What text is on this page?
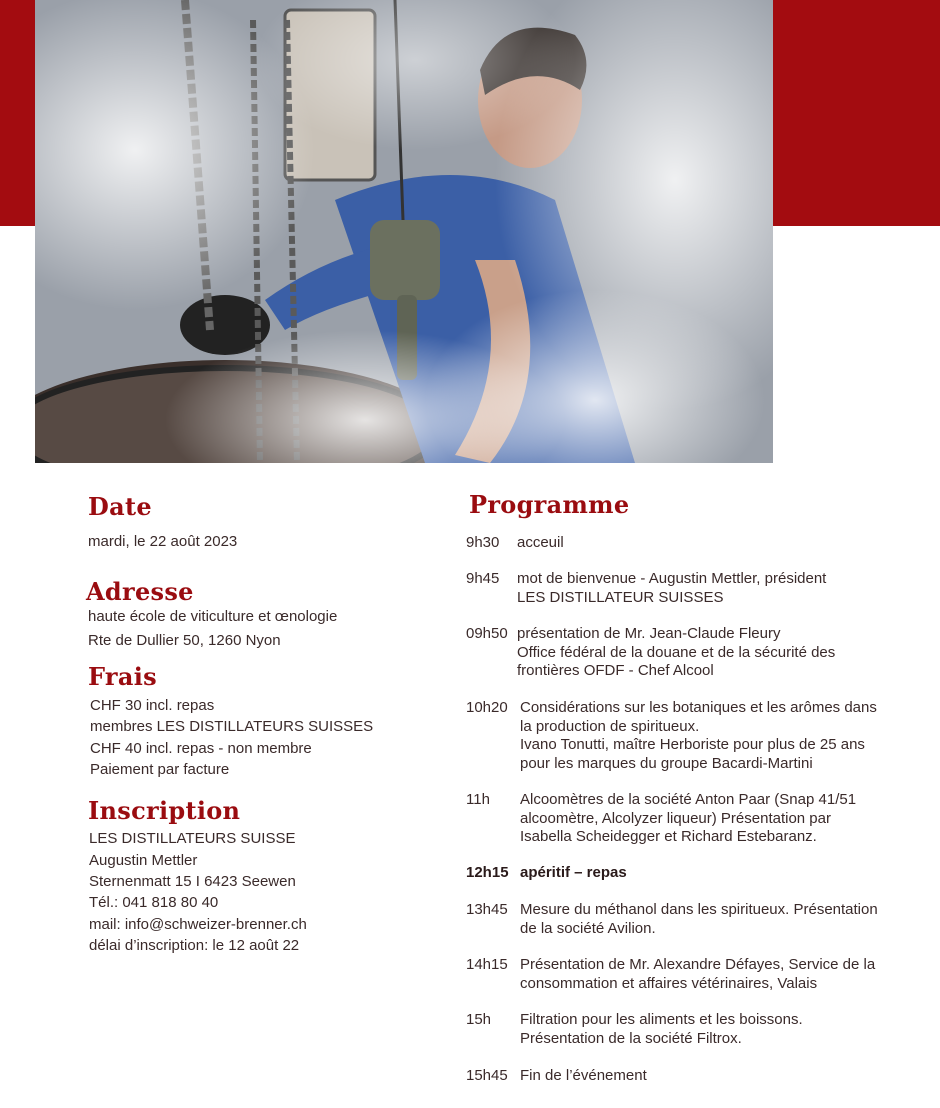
Date
mardi, le 22 août 2023
Adresse
haute école de viticulture et œnologie
Rte de Dullier 50, 1260 Nyon
Frais
CHF 30 incl. repas
membres LES DISTILLATEURS SUISSES
CHF 40 incl. repas - non membre
Paiement par facture
Inscription
LES DISTILLATEURS SUISSE
Augustin Mettler
Sternenmatt 15 I 6423 Seewen
Tél.: 041 818 80 40
mail: info@schweizer-brenner.ch
délai d’inscription: le 12 août 22
Programme
9h30	acceuil
9h45	mot de bienvenue - Augustin Mettler, président
LES DISTILLATEUR SUISSES
09h50 présentation de Mr. Jean-Claude Fleury
Office fédéral de la douane et de la sécurité des
frontières OFDF - Chef Alcool
10h20 Considérations sur les botaniques et les arômes dans
la production de spiritueux.
Ivano Tonutti, maître Herboriste pour plus de 25 ans
pour les marques du groupe Bacardi-Martini
11h	Alcoomètres de la société Anton Paar (Snap 41/51
alcoomètre, Alcolyzer liqueur) Présentation par
Isabella Scheidegger et Richard Estebaranz.
12h15 apéritif – repas
13h45 Mesure du méthanol dans les spiritueux. Présentation
de la société Avilion.
14h15 Présentation de Mr. Alexandre Défayes, Service de la
consommation et affaires vétérinaires, Valais
15h	Filtration pour les aliments et les boissons.
Présentation de la société Filtrox.
15h45 Fin de l’événement
